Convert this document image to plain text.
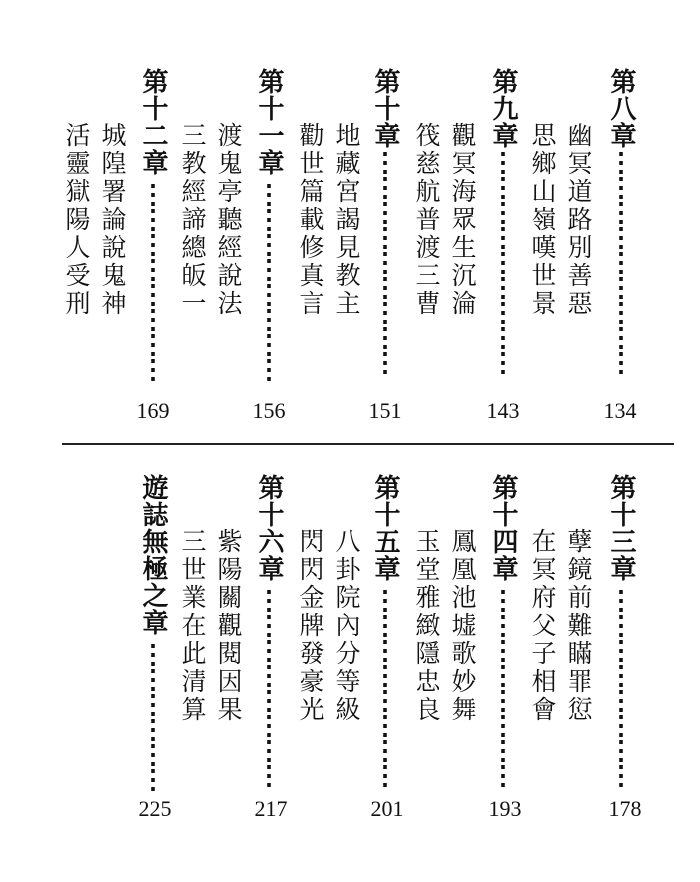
第八章
⋮⋮⋮⋮⋮⋮⋮⋮⋮
幽冥道路別善惡
思鄉山嶺嘆世景
134
第九章
⋮⋮⋮⋮⋮⋮⋮⋮⋮
觀冥海眾生沉淪
筏慈航普渡三曹
143
第十章
⋮⋮⋮⋮⋮⋮⋮⋮⋮
地藏宮謁見教主
勸世篇載修真言
151
第十一章
⋮⋮⋮⋮⋮⋮⋮⋮
渡鬼亭聽經說法
三教經諦總皈一
156
第十二章
⋮⋮⋮⋮⋮⋮⋮⋮
城隍署論說鬼神
活靈獄陽人受刑
169
第十三章
⋮⋮⋮⋮⋮⋮⋮⋮
孽鏡前難瞞罪愆
在冥府父子相會
178
第十四章
⋮⋮⋮⋮⋮⋮⋮⋮
鳳凰池墟歌妙舞
玉堂雅緻隱忠良
193
第十五章
⋮⋮⋮⋮⋮⋮⋮⋮
八卦院內分等級
閃閃金牌發豪光
201
第十六章
⋮⋮⋮⋮⋮⋮⋮⋮
紫陽關觀閱因果
三世業在此清算
217
遊誌無極之章
⋮⋮⋮⋮⋮⋮
225
